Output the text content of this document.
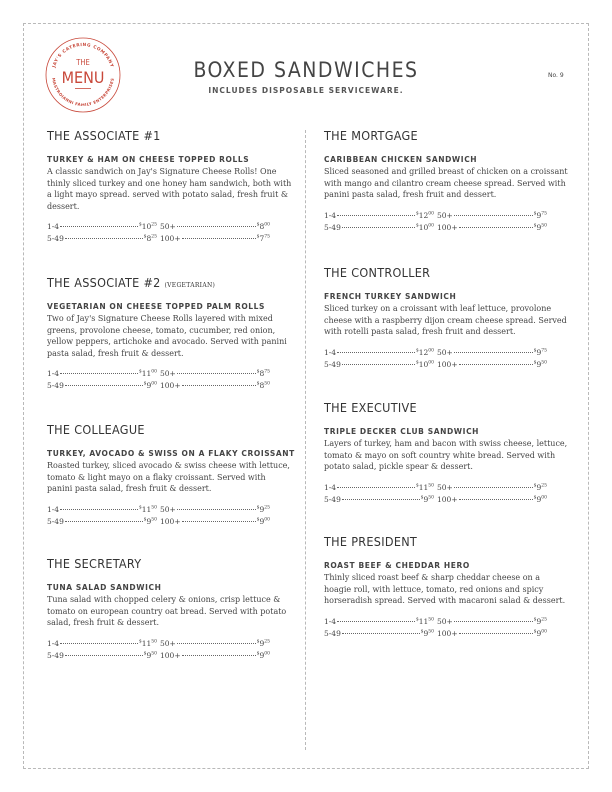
JAY'S CATERING COMPANY
MASTROIANNI FAMILY ENTERPRISES
THE
MENU	BOXED SANDWICHES
INCLUDES DISPOSABLE SERVICEWARE.
No. 9
THE ASSOCIATE #1
TURKEY & HAM ON CHEESE TOPPED ROLLS

A classic sandwich on Jay's Signature Cheese Rolls! One thinly sliced turkey and one honey ham sandwich, both with a light mayo spread. served with potato salad, fresh fruit & dessert.

1-4	$^{\$}10^{25}$ 50+	$^{\$}8^{00}$
5-49	$^{\$}8^{25}$ 100+	$^{\$}7^{75}$
THE ASSOCIATE #2 (VEGETARIAN)
VEGETARIAN ON CHEESE TOPPED PALM ROLLS

Two of Jay's Signature Cheese Rolls layered with mixed greens, provolone cheese, tomato, cucumber, red onion, yellow peppers, artichoke and avocado. Served with panini pasta salad, fresh fruit & dessert.

1-4	$^{\$}11^{00}$ 50+	$^{\$}8^{75}$
5-49	$^{\$}9^{00}$ 100+	$^{\$}8^{50}$
THE COLLEAGUE
TURKEY, AVOCADO & SWISS ON A FLAKY CROISSANT

Roasted turkey, sliced avocado & swiss cheese with lettuce, tomato & light mayo on a flaky croissant. Served with panini pasta salad, fresh fruit & dessert.

1-4	$^{\$}11^{50}$ 50+	$^{\$}9^{25}$
5-49	$^{\$}9^{50}$ 100+	$^{\$}9^{00}$
THE SECRETARY
TUNA SALAD SANDWICH

Tuna salad with chopped celery & onions, crisp lettuce & tomato on european country oat bread. Served with potato salad, fresh fruit & dessert.

1-4	$^{\$}11^{50}$ 50+	$^{\$}9^{25}$
5-49	$^{\$}9^{50}$ 100+	$^{\$}9^{00}$
THE MORTGAGE
CARIBBEAN CHICKEN SANDWICH

Sliced seasoned and grilled breast of chicken on a croissant with mango and cilantro cream cheese spread. Served with panini pasta salad, fresh fruit and dessert.

1-4	$^{\$}12^{00}$ 50+	$^{\$}9^{75}$
5-49	$^{\$}10^{00}$ 100+	$^{\$}9^{50}$
THE CONTROLLER
FRENCH TURKEY SANDWICH

Sliced turkey on a croissant with leaf lettuce, provolone cheese with a raspberry dijon cream cheese spread. Served with rotelli pasta salad, fresh fruit and dessert.

1-4	$^{\$}12^{00}$ 50+	$^{\$}9^{75}$
5-49	$^{\$}10^{00}$ 100+	$^{\$}9^{50}$
THE EXECUTIVE
TRIPLE DECKER CLUB SANDWICH

Layers of turkey, ham and bacon with swiss cheese, lettuce, tomato & mayo on soft country white bread. Served with potato salad, pickle spear & dessert.

1-4	$^{\$}11^{50}$ 50+	$^{\$}9^{25}$
5-49	$^{\$}9^{50}$ 100+	$^{\$}9^{00}$
THE PRESIDENT
ROAST BEEF & CHEDDAR HERO

Thinly sliced roast beef & sharp cheddar cheese on a hoagie roll, with lettuce, tomato, red onions and spicy horseradish spread. Served with macaroni salad & dessert.

1-4	$^{\$}11^{50}$ 50+	$^{\$}9^{25}$
5-49	$^{\$}9^{50}$ 100+	$^{\$}9^{00}$
